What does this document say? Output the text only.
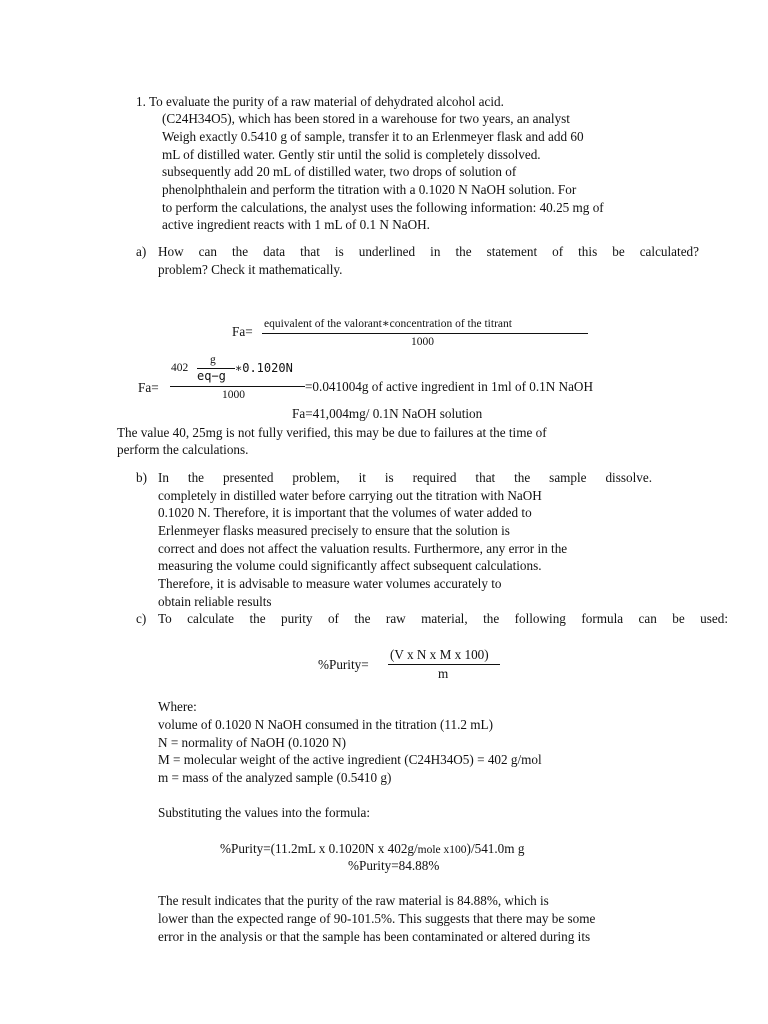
1. To evaluate the purity of a raw material of dehydrated alcohol acid.
(C24H34O5), which has been stored in a warehouse for two years, an analyst
Weigh exactly 0.5410 g of sample, transfer it to an Erlenmeyer flask and add 60
mL of distilled water. Gently stir until the solid is completely dissolved.
subsequently add 20 mL of distilled water, two drops of solution of
phenolphthalein and perform the titration with a 0.1020 N NaOH solution. For
to perform the calculations, the analyst uses the following information: 40.25 mg of
active ingredient reacts with 1 mL of 0.1 N NaOH.
a) How can the data that is underlined in the statement of this be calculated?
problem? Check it mathematically.
Fa= equivalent of the valorant∗concentration of the titrant
1000
Fa=
402
g
eq−g
∗0.1020N
1000
=0.041004g of active ingredient in 1ml of 0.1N NaOH
Fa=41,004mg/ 0.1N NaOH solution
The value 40, 25mg is not fully verified, this may be due to failures at the time of
perform the calculations.
b) In the presented problem, it is required that the sample dissolve.
completely in distilled water before carrying out the titration with NaOH
0.1020 N. Therefore, it is important that the volumes of water added to
Erlenmeyer flasks measured precisely to ensure that the solution is
correct and does not affect the valuation results. Furthermore, any error in the
measuring the volume could significantly affect subsequent calculations.
Therefore, it is advisable to measure water volumes accurately to
obtain reliable results
c) To calculate the purity of the raw material, the following formula can be used:
%Purity=
(V x N x M x 100)
m
Where:
volume of 0.1020 N NaOH consumed in the titration (11.2 mL)
N = normality of NaOH (0.1020 N)
M = molecular weight of the active ingredient (C24H34O5) = 402 g/mol
m = mass of the analyzed sample (0.5410 g)
Substituting the values into the formula:
%Purity=(11.2mL x 0.1020N x 402g/mole x100)/541.0m g
%Purity=84.88%
The result indicates that the purity of the raw material is 84.88%, which is
lower than the expected range of 90-101.5%. This suggests that there may be some
error in the analysis or that the sample has been contaminated or altered during its
